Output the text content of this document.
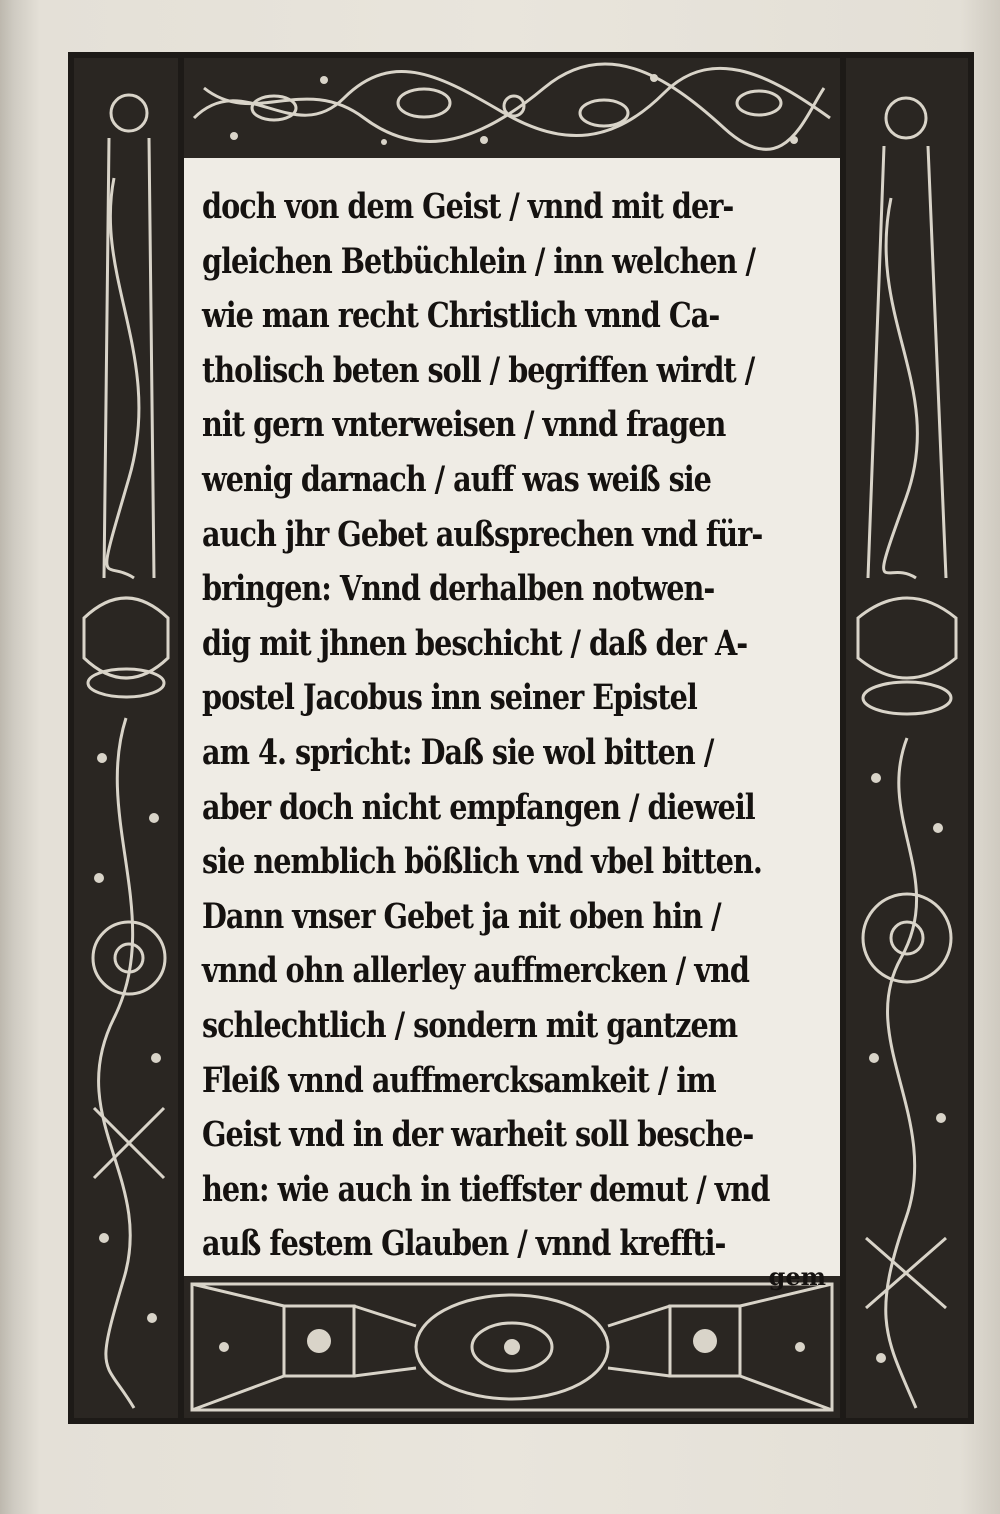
doch von dem Geist / vnnd mit der-
gleichen Betbüchlein / inn welchen /
wie man recht Christlich vnnd Ca-
tholisch beten soll / begriffen wirdt /
nit gern vnterweisen / vnnd fragen
wenig darnach / auff was weiß sie
auch jhr Gebet außsprechen vnd für-
bringen: Vnnd derhalben notwen-
dig mit jhnen beschicht / daß der A-
postel Jacobus inn seiner Epistel
am 4. spricht: Daß sie wol bitten /
aber doch nicht empfangen / dieweil
sie nemblich bößlich vnd vbel bitten.
Dann vnser Gebet ja nit oben hin /
vnnd ohn allerley auffmercken / vnd
schlechtlich / sondern mit gantzem
Fleiß vnnd auffmercksamkeit / im
Geist vnd in der warheit soll besche-
hen: wie auch in tieffster demut / vnd
auß festem Glauben / vnnd kreffti-
gem
